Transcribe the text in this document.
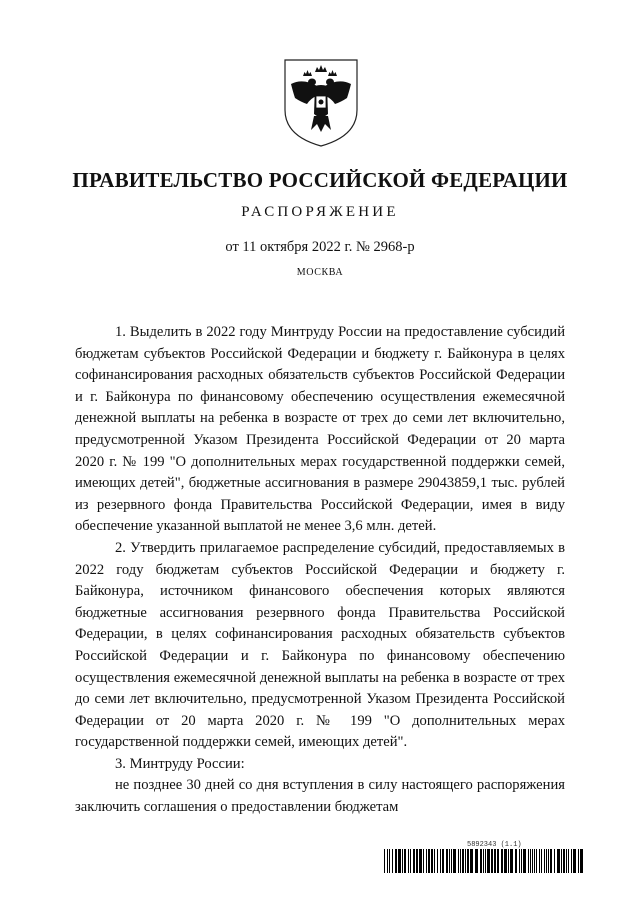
ПРАВИТЕЛЬСТВО РОССИЙСКОЙ ФЕДЕРАЦИИ
РАСПОРЯЖЕНИЕ
от 11 октября 2022 г. № 2968-р
МОСКВА

1. Выделить в 2022 году Минтруду России на предоставление субсидий бюджетам субъектов Российской Федерации и бюджету г. Байконура в целях софинансирования расходных обязательств субъектов Российской Федерации и г. Байконура по финансовому обеспечению осуществления ежемесячной денежной выплаты на ребенка в возрасте от трех до семи лет включительно, предусмотренной Указом Президента Российской Федерации от 20 марта 2020 г. № 199 "О дополнительных мерах государственной поддержки семей, имеющих детей", бюджетные ассигнования в размере 29043859,1 тыс. рублей из резервного фонда Правительства Российской Федерации, имея в виду обеспечение указанной выплатой не менее 3,6 млн. детей.

2. Утвердить прилагаемое распределение субсидий, предоставляемых в 2022 году бюджетам субъектов Российской Федерации и бюджету г. Байконура, источником финансового обеспечения которых являются бюджетные ассигнования резервного фонда Правительства Российской Федерации, в целях софинансирования расходных обязательств субъектов Российской Федерации и г. Байконура по финансовому обеспечению осуществления ежемесячной денежной выплаты на ребенка в возрасте от трех до семи лет включительно, предусмотренной Указом Президента Российской Федерации от 20 марта 2020 г. № 199 "О дополнительных мерах государственной поддержки семей, имеющих детей".

3. Минтруду России:

не позднее 30 дней со дня вступления в силу настоящего распоряжения заключить соглашения о предоставлении бюджетам

5892343 (1.1)
